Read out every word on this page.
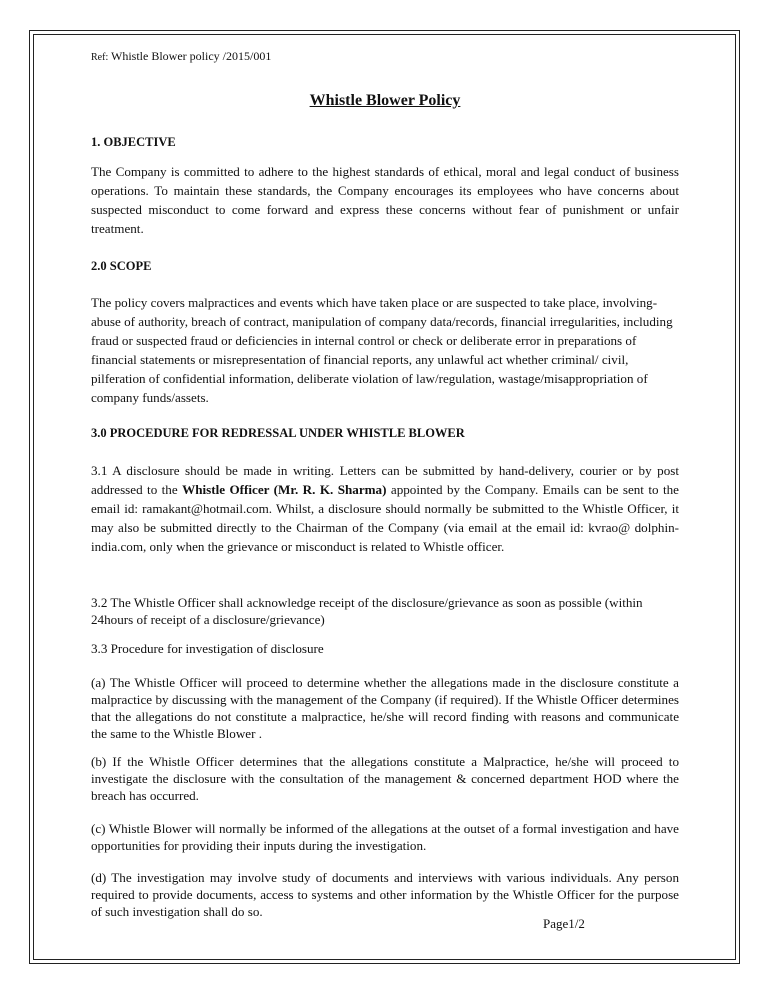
Ref: Whistle Blower policy /2015/001

Whistle Blower Policy
1. OBJECTIVE

The Company is committed to adhere to the highest standards of ethical, moral and legal conduct of business operations. To maintain these standards, the Company encourages its employees who have concerns about suspected misconduct to come forward and express these concerns without fear of punishment or unfair treatment.

2.0 SCOPE

The policy covers malpractices and events which have taken place or are suspected to take place, involving- abuse of authority, breach of contract, manipulation of company data/records, financial irregularities, including fraud or suspected fraud or deficiencies in internal control or check or deliberate error in preparations of financial statements or misrepresentation of financial reports, any unlawful act whether criminal/ civil, pilferation of confidential information, deliberate violation of law/regulation, wastage/misappropriation of company funds/assets.

3.0 PROCEDURE FOR REDRESSAL UNDER WHISTLE BLOWER

3.1 A disclosure should be made in writing. Letters can be submitted by hand-delivery, courier or by post addressed to the Whistle Officer (Mr. R. K. Sharma) appointed by the Company. Emails can be sent to the email id: ramakant@hotmail.com. Whilst, a disclosure should normally be submitted to the Whistle Officer, it may also be submitted directly to the Chairman of the Company (via email at the email id: kvrao@ dolphin-india.com, only when the grievance or misconduct is related to Whistle officer.

3.2 The Whistle Officer shall acknowledge receipt of the disclosure/grievance as soon as possible (within 24hours of receipt of a disclosure/grievance)

3.3 Procedure for investigation of disclosure

(a) The Whistle Officer will proceed to determine whether the allegations made in the disclosure constitute a malpractice by discussing with the management of the Company (if required). If the Whistle Officer determines that the allegations do not constitute a malpractice, he/she will record finding with reasons and communicate the same to the Whistle Blower .

(b) If the Whistle Officer determines that the allegations constitute a Malpractice, he/she will proceed to investigate the disclosure with the consultation of the management & concerned department HOD where the breach has occurred.

(c) Whistle Blower will normally be informed of the allegations at the outset of a formal investigation and have opportunities for providing their inputs during the investigation.

(d) The investigation may involve study of documents and interviews with various individuals. Any person required to provide documents, access to systems and other information by the Whistle Officer for the purpose of such investigation shall do so.

Page1/2
